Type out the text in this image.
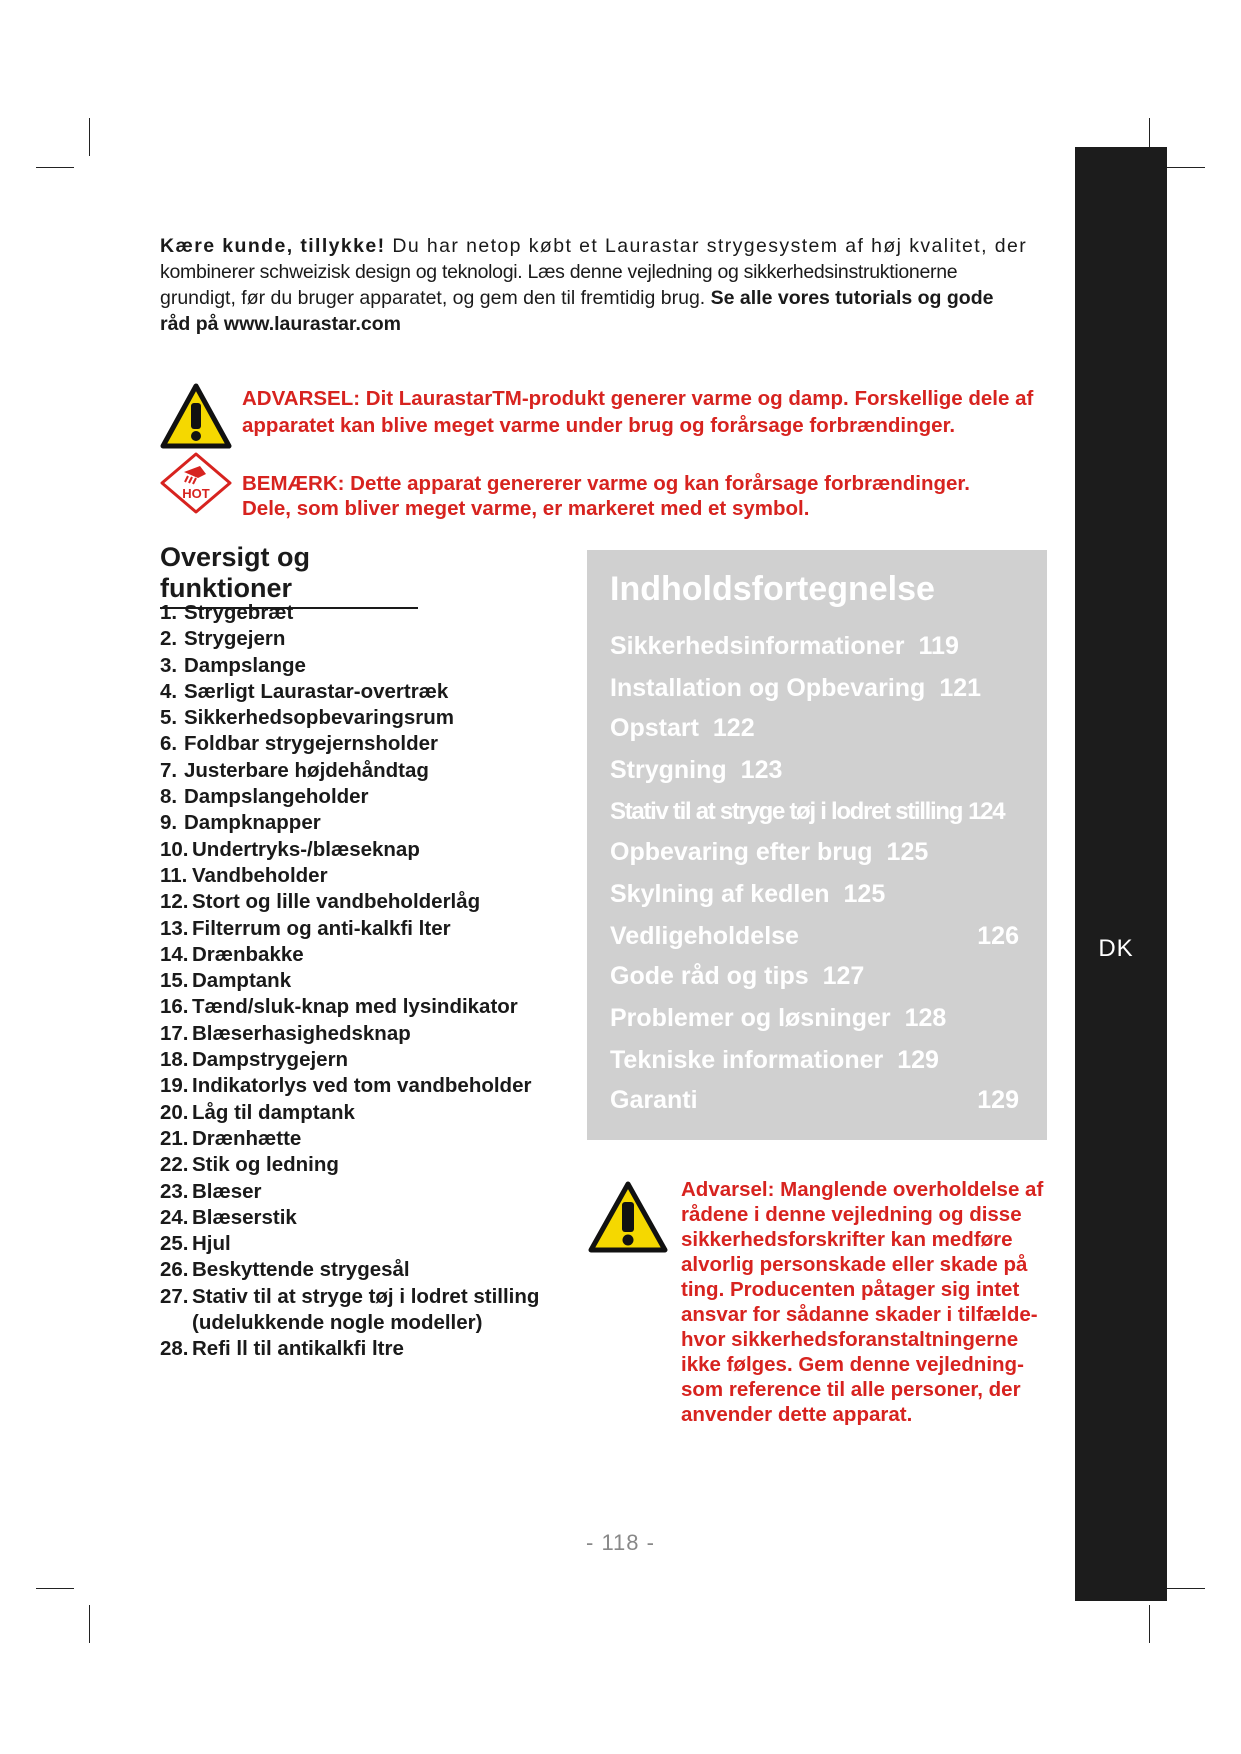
DK
Kære kunde, tillykke! Du har netop købt et Laurastar strygesystem af høj kvalitet, der
kombinerer schweizisk design og teknologi. Læs denne vejledning og sikkerhedsinstruktionerne
grundigt, før du bruger apparatet, og gem den til fremtidig brug. Se alle vores tutorials og gode
råd på www.laurastar.com
ADVARSEL: Dit LaurastarTM-produkt generer varme og damp. Forskellige dele af apparatet kan blive meget varme under brug og forårsage forbrændinger.
HOT BEMÆRK: Dette apparat genererer varme og kan forårsage forbrændinger.
Dele, som bliver meget varme, er markeret med et symbol.
Oversigt og funktioner
1. Strygebræt
2. Strygejern
3. Dampslange
4. Særligt Laurastar-overtræk
5. Sikkerhedsopbevaringsrum
6. Foldbar strygejernsholder
7. Justerbare højdehåndtag
8. Dampslangeholder
9. Dampknapper
10. Undertryks-/blæseknap
11. Vandbeholder
12. Stort og lille vandbeholderlåg
13. Filterrum og anti-kalkfi lter
14. Drænbakke
15. Damptank
16. Tænd/sluk-knap med lysindikator
17. Blæserhasighedsknap
18. Dampstrygejern
19. Indikatorlys ved tom vandbeholder
20. Låg til damptank
21. Drænhætte
22. Stik og ledning
23. Blæser
24. Blæserstik
25. Hjul
26. Beskyttende strygesål
27. Stativ til at stryge tøj i lodret stilling
(udelukkende nogle modeller)
28. Refi ll til antikalkfi ltre
Indholdsfortegnelse
Sikkerhedsinformationer 119
Installation og Opbevaring 121
Opstart 122
Strygning 123
Stativ til at stryge tøj i lodret stilling 124
Opbevaring efter brug 125
Skylning af kedlen 125
Vedligeholdelse	126
Gode råd og tips 127
Problemer og løsninger 128
Tekniske informationer 129
Garanti	129
Advarsel: Manglende overholdelse af rådene i denne vejledning og disse sikkerhedsforskrifter kan medføre alvorlig personskade eller skade på ting. Producenten påtager sig intet ansvar for sådanne skader i tilfælde-hvor sikkerhedsforanstaltningerne ikke følges. Gem denne vejledning-som reference til alle personer, der anvender dette apparat.
- 118 -
